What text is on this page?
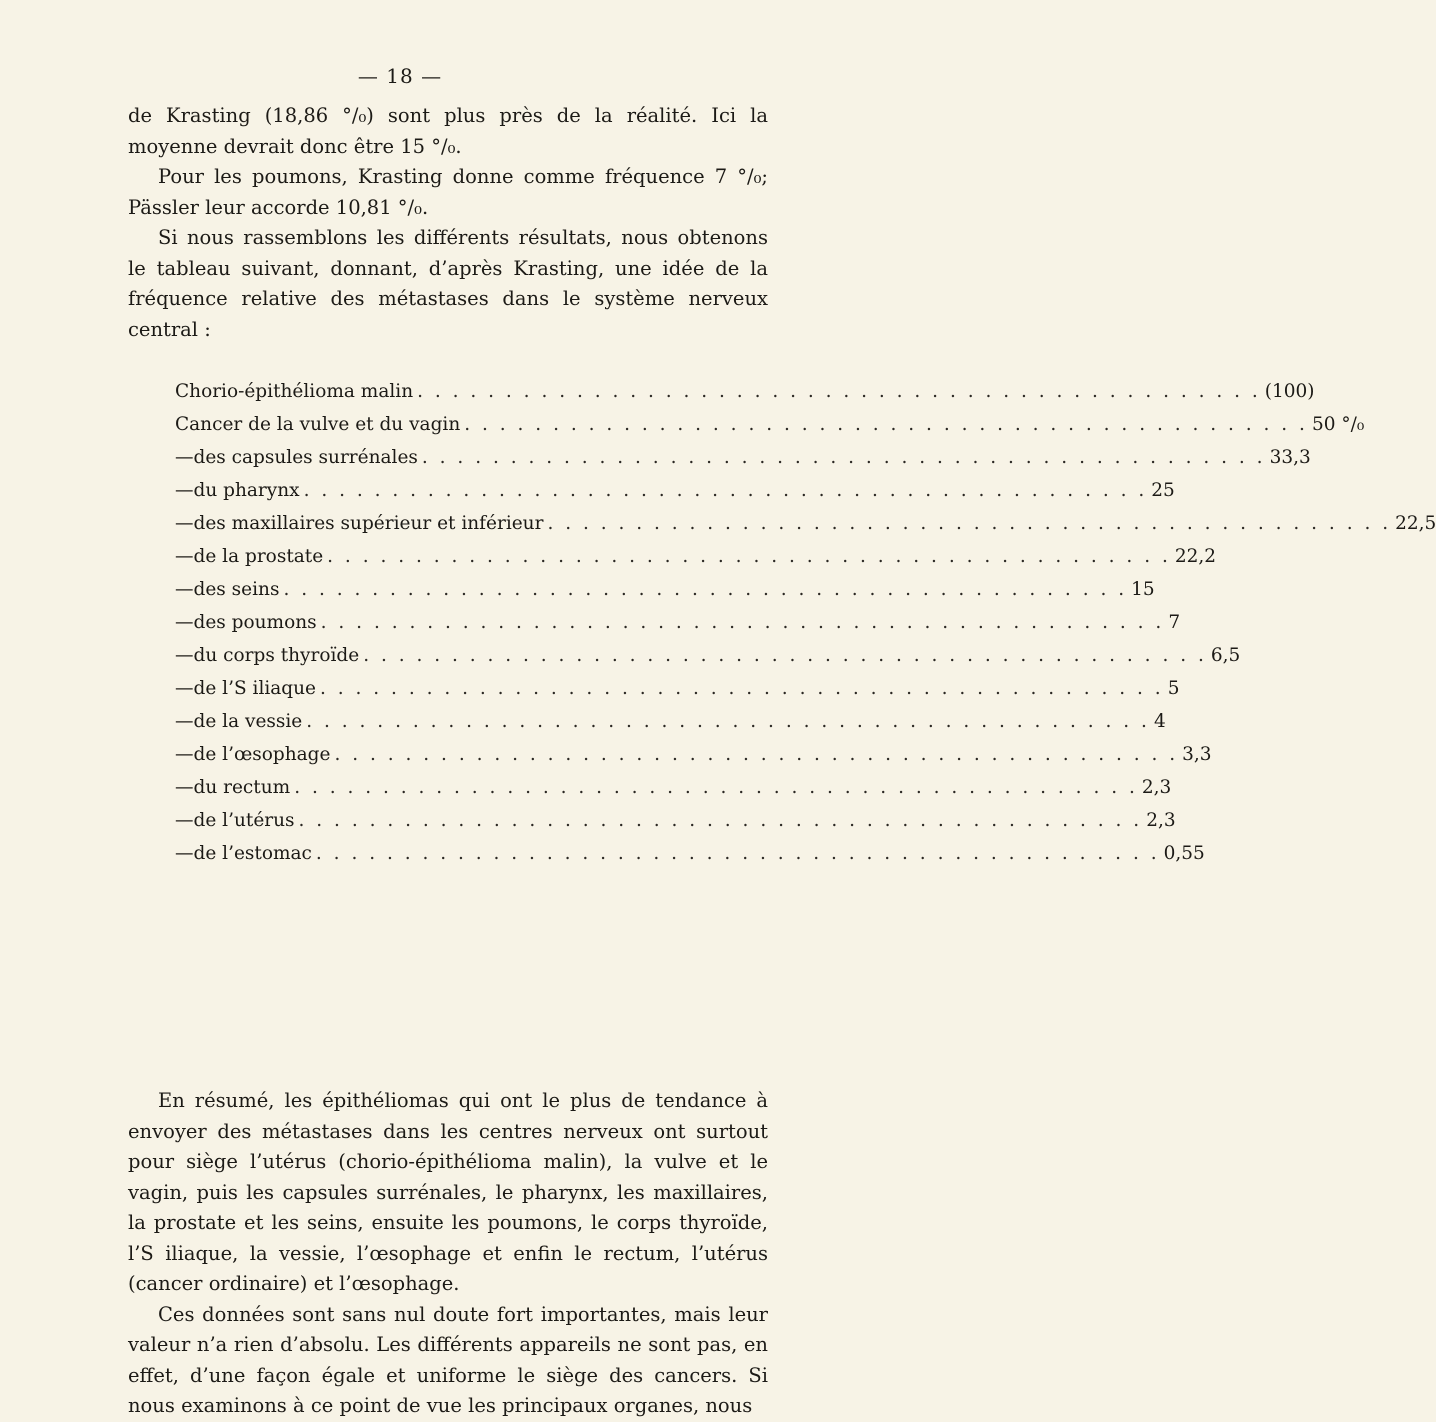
— 18 —
de Krasting (18,86 °/₀) sont plus près de la réalité. Ici la moyenne devrait donc être 15 °/₀.
Pour les poumons, Krasting donne comme fréquence 7 °/₀; Pässler leur accorde 10,81 °/₀.
Si nous rassemblons les différents résultats, nous obtenons le tableau suivant, donnant, d’après Krasting, une idée de la fréquence relative des métastases dans le système nerveux central :
Chorio-épithélioma malin . . . . . . . . . . . . . . . . . . . . . . . . . . . . . . . . . . . . . . . . . . . . . . . . (100)
Cancer de la vulve et du vagin . . . . . . . . . . . . . . . . . . . . . . . . . . . . . . . . . . . . . . . . . . . . . . . . 50 °/₀
— des capsules surrénales . . . . . . . . . . . . . . . . . . . . . . . . . . . . . . . . . . . . . . . . . . . . . . . . 33,3
— du pharynx . . . . . . . . . . . . . . . . . . . . . . . . . . . . . . . . . . . . . . . . . . . . . . . . 25
— des maxillaires supérieur et inférieur . . . . . . . . . . . . . . . . . . . . . . . . . . . . . . . . . . . . . . . . . . . . . . . . 22,5
— de la prostate . . . . . . . . . . . . . . . . . . . . . . . . . . . . . . . . . . . . . . . . . . . . . . . . 22,2
— des seins . . . . . . . . . . . . . . . . . . . . . . . . . . . . . . . . . . . . . . . . . . . . . . . . 15
— des poumons . . . . . . . . . . . . . . . . . . . . . . . . . . . . . . . . . . . . . . . . . . . . . . . . 7
— du corps thyroïde . . . . . . . . . . . . . . . . . . . . . . . . . . . . . . . . . . . . . . . . . . . . . . . . 6,5
— de l’S iliaque . . . . . . . . . . . . . . . . . . . . . . . . . . . . . . . . . . . . . . . . . . . . . . . . 5
— de la vessie . . . . . . . . . . . . . . . . . . . . . . . . . . . . . . . . . . . . . . . . . . . . . . . . 4
— de l’œsophage . . . . . . . . . . . . . . . . . . . . . . . . . . . . . . . . . . . . . . . . . . . . . . . . 3,3
— du rectum . . . . . . . . . . . . . . . . . . . . . . . . . . . . . . . . . . . . . . . . . . . . . . . . 2,3
— de l’utérus . . . . . . . . . . . . . . . . . . . . . . . . . . . . . . . . . . . . . . . . . . . . . . . . 2,3
— de l’estomac . . . . . . . . . . . . . . . . . . . . . . . . . . . . . . . . . . . . . . . . . . . . . . . . 0,55
En résumé, les épithéliomas qui ont le plus de tendance à envoyer des métastases dans les centres nerveux ont surtout pour siège l’utérus (chorio-épithélioma malin), la vulve et le vagin, puis les capsules surrénales, le pharynx, les maxillaires, la prostate et les seins, ensuite les poumons, le corps thyroïde, l’S iliaque, la vessie, l’œsophage et enfin le rectum, l’utérus (cancer ordinaire) et l’œsophage.
Ces données sont sans nul doute fort importantes, mais leur valeur n’a rien d’absolu. Les différents appareils ne sont pas, en effet, d’une façon égale et uniforme le siège des cancers. Si nous examinons à ce point de vue les principaux organes, nous
